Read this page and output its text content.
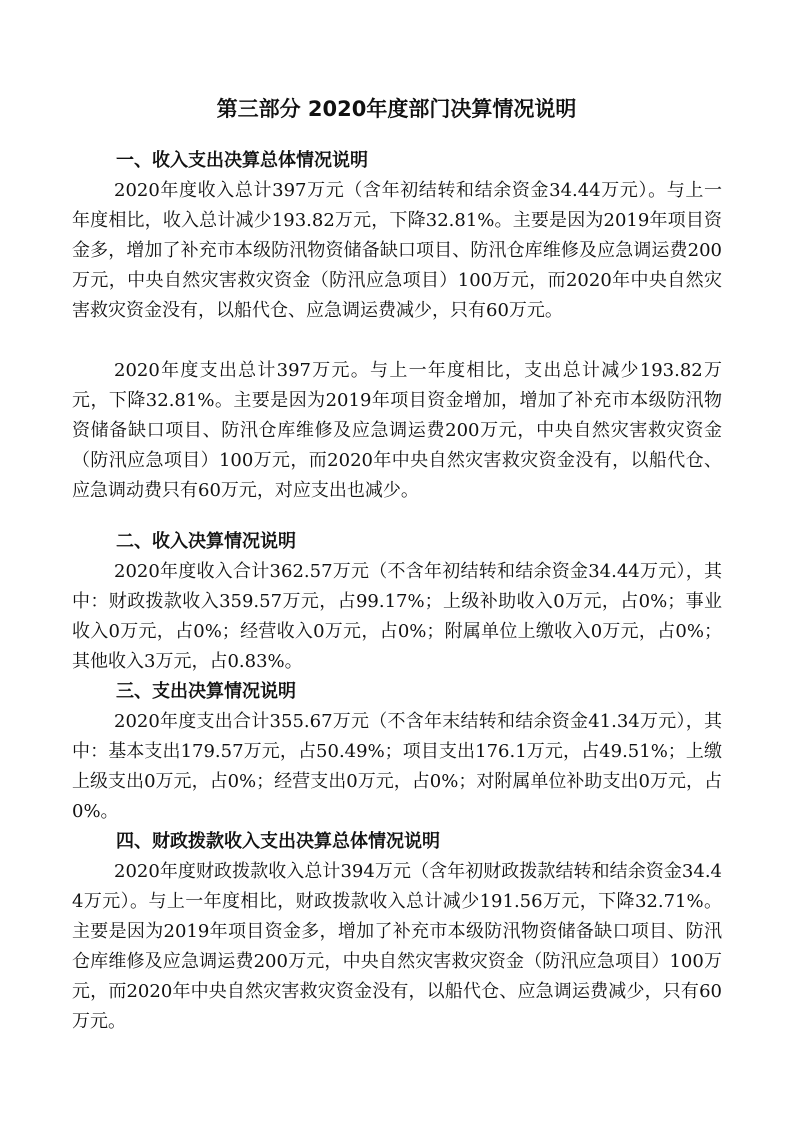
第三部分 2020年度部门决算情况说明
一、收入支出决算总体情况说明

2020年度收入总计397万元（含年初结转和结余资金34.44万元）。与上一年度相比，收入总计减少193.82万元，下降32.81%。主要是因为2019年项目资金多，增加了补充市本级防汛物资储备缺口项目、防汛仓库维修及应急调运费200万元，中央自然灾害救灾资金（防汛应急项目）100万元，而2020年中央自然灾害救灾资金没有，以船代仓、应急调运费减少，只有60万元。

2020年度支出总计397万元。与上一年度相比，支出总计减少193.82万元，下降32.81%。主要是因为2019年项目资金增加，增加了补充市本级防汛物资储备缺口项目、防汛仓库维修及应急调运费200万元，中央自然灾害救灾资金（防汛应急项目）100万元，而2020年中央自然灾害救灾资金没有，以船代仓、应急调动费只有60万元，对应支出也减少。

二、收入决算情况说明

2020年度收入合计362.57万元（不含年初结转和结余资金34.44万元），其中：财政拨款收入359.57万元，占99.17%；上级补助收入0万元，占0%；事业收入0万元，占0%；经营收入0万元，占0%；附属单位上缴收入0万元，占0%；其他收入3万元，占0.83%。

三、支出决算情况说明

2020年度支出合计355.67万元（不含年末结转和结余资金41.34万元），其中：基本支出179.57万元，占50.49%；项目支出176.1万元，占49.51%；上缴上级支出0万元，占0%；经营支出0万元，占0%；对附属单位补助支出0万元，占0%。

四、财政拨款收入支出决算总体情况说明

2020年度财政拨款收入总计394万元（含年初财政拨款结转和结余资金34.44万元）。与上一年度相比，财政拨款收入总计减少191.56万元，下降32.71%。主要是因为2019年项目资金多，增加了补充市本级防汛物资储备缺口项目、防汛仓库维修及应急调运费200万元，中央自然灾害救灾资金（防汛应急项目）100万元，而2020年中央自然灾害救灾资金没有，以船代仓、应急调运费减少，只有60万元。
